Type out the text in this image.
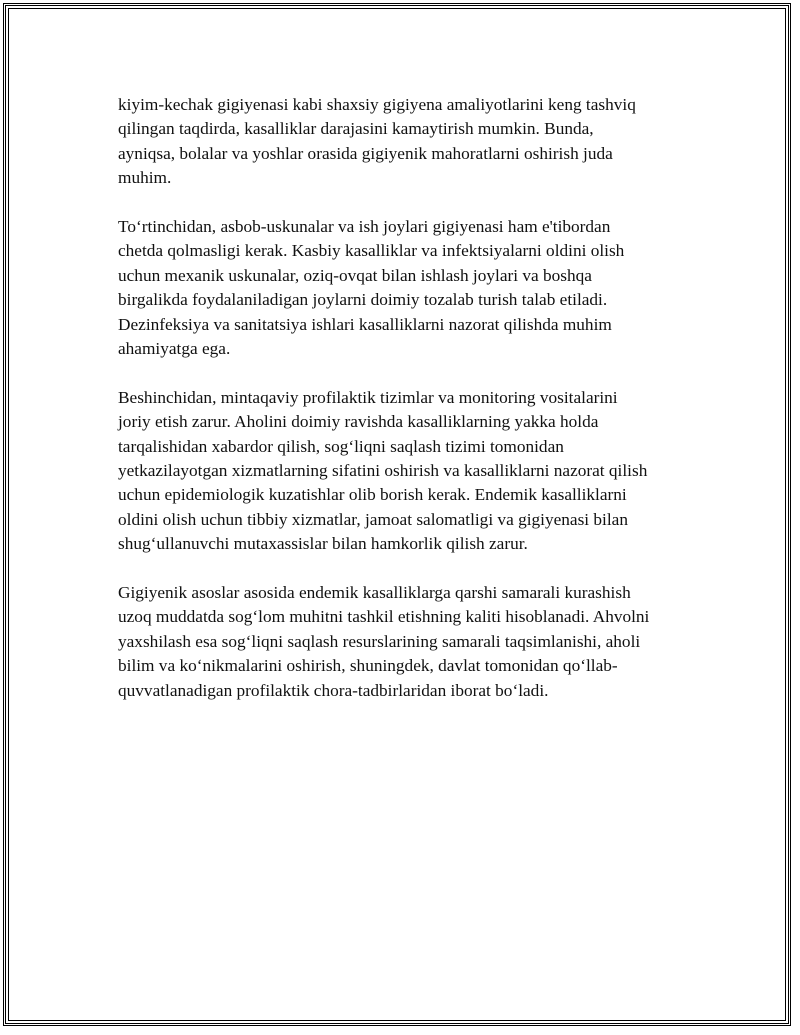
kiyim-kechak gigiyenasi kabi shaxsiy gigiyena amaliyotlarini keng tashviq
qilingan taqdirda, kasalliklar darajasini kamaytirish mumkin. Bunda,
ayniqsa, bolalar va yoshlar orasida gigiyenik mahoratlarni oshirish juda
muhim.

To‘rtinchidan, asbob-uskunalar va ish joylari gigiyenasi ham e'tibordan
chetda qolmasligi kerak. Kasbiy kasalliklar va infektsiyalarni oldini olish
uchun mexanik uskunalar, oziq-ovqat bilan ishlash joylari va boshqa
birgalikda foydalaniladigan joylarni doimiy tozalab turish talab etiladi.
Dezinfeksiya va sanitatsiya ishlari kasalliklarni nazorat qilishda muhim
ahamiyatga ega.

Beshinchidan, mintaqaviy profilaktik tizimlar va monitoring vositalarini
joriy etish zarur. Aholini doimiy ravishda kasalliklarning yakka holda
tarqalishidan xabardor qilish, sog‘liqni saqlash tizimi tomonidan
yetkazilayotgan xizmatlarning sifatini oshirish va kasalliklarni nazorat qilish
uchun epidemiologik kuzatishlar olib borish kerak. Endemik kasalliklarni
oldini olish uchun tibbiy xizmatlar, jamoat salomatligi va gigiyenasi bilan
shug‘ullanuvchi mutaxassislar bilan hamkorlik qilish zarur.

Gigiyenik asoslar asosida endemik kasalliklarga qarshi samarali kurashish
uzoq muddatda sog‘lom muhitni tashkil etishning kaliti hisoblanadi. Ahvolni
yaxshilash esa sog‘liqni saqlash resurslarining samarali taqsimlanishi, aholi
bilim va ko‘nikmalarini oshirish, shuningdek, davlat tomonidan qo‘llab-
quvvatlanadigan profilaktik chora-tadbirlaridan iborat bo‘ladi.
